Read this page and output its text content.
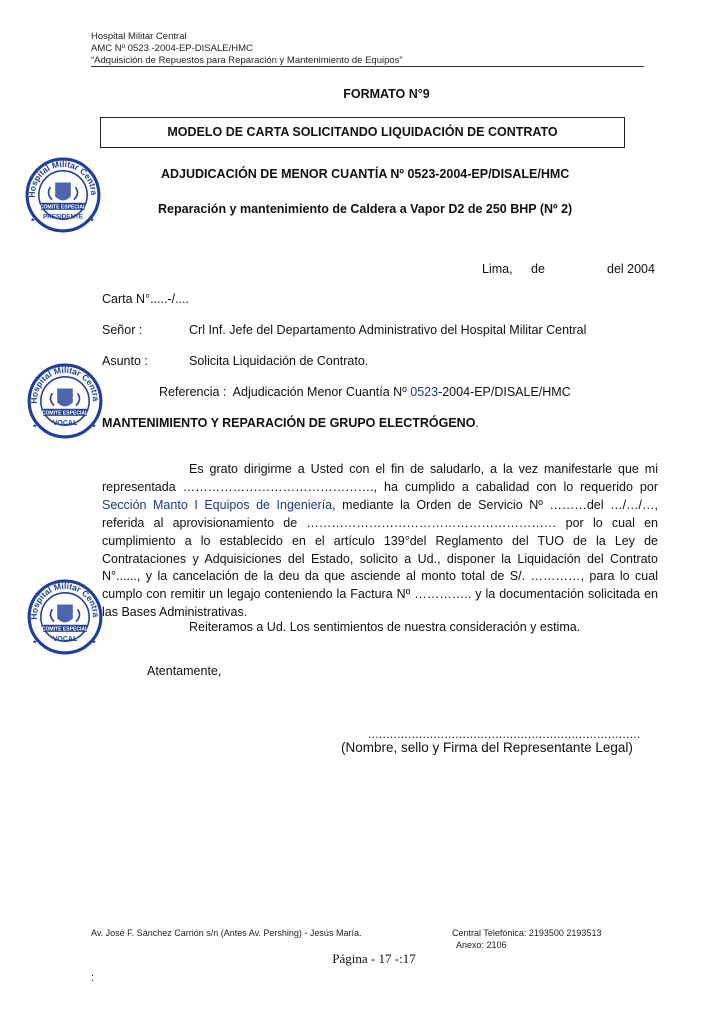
Hospital Militar Central
AMC Nº 0523 -2004-EP-DISALE/HMC
“Adquisición de Repuestos para Reparación y Mantenimiento de Equipos”
FORMATO N°9
MODELO DE CARTA SOLICITANDO LIQUIDACIÓN DE CONTRATO
ADJUDICACIÓN DE MENOR CUANTÍA Nº 0523-2004-EP/DISALE/HMC
Reparación y mantenimiento de Caldera a Vapor D2 de 250 BHP (Nº 2)
Lima, de	del 2004
Carta N°.....-/....
Señor :	Crl Inf. Jefe del Departamento Administrativo del Hospital Militar Central
Asunto :	Solicita Liquidación de Contrato.
Referencia : Adjudicación Menor Cuantía Nº 0523-2004-EP/DISALE/HMC
MANTENIMIENTO Y REPARACIÓN DE GRUPO ELECTRÓGENO.
Es grato dirigirme a Usted con el fin de saludarlo, a la vez manifestarle que mi representada ………………………………………., ha cumplido a cabalidad con lo requerido por Sección Manto I Equipos de Ingeniería, mediante la Orden de Servicio Nº ………del …/…/…, referida al aprovisionamiento de …………………………………………………… por lo cual en cumplimiento a lo establecido en el artículo 139°del Reglamento del TUO de la Ley de Contrataciones y Adquisiciones del Estado, solicito a Ud., disponer la Liquidación del Contrato N°......, y la cancelación de la deu da que asciende al monto total de S/. …………, para lo cual cumplo con remitir un legajo conteniendo la Factura Nº ………….. y la documentación solicitada en las Bases Administrativas.
Reiteramos a Ud. Los sentimientos de nuestra consideración y estima.
Atentamente,
...........................................................................
(Nombre, sello y Firma del Representante Legal)
Av. José F. Sánchez Carrión s/n (Antes Av. Pershing) - Jesús María.	Central Telefónica: 2193500 2193513
Anexo: 2106
Página - 17 -:17
:
Hospital Militar Centra
COMITE ESPECIAL
PRESIDENTE
★	★
Hospital Militar Centra
COMITE ESPECIAL
VOCAL
★	★
Hospital Militar Centra
COMITE ESPECIAL
VOCAL
★	★
